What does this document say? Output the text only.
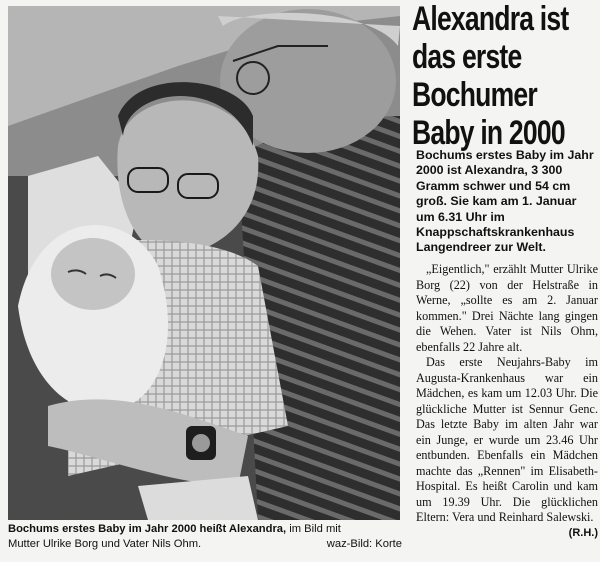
Bochums erstes Baby im Jahr 2000 heißt Alexandra, im Bild mit
Mutter Ulrike Borg und Vater Nils Ohm.	waz-Bild: Korte
Alexandra ist
das erste
Bochumer
Baby in 2000
Bochums erstes Baby im Jahr 2000 ist Alexandra, 3 300 Gramm schwer und 54 cm groß. Sie kam am 1. Januar um 6.31 Uhr im Knappschaftskrankenhaus Langendreer zur Welt.

„Eigentlich," erzählt Mutter Ulrike Borg (22) von der Helstraße in Werne, „sollte es am 2. Januar kommen." Drei Nächte lang gingen die Wehen. Vater ist Nils Ohm, ebenfalls 22 Jahre alt.

Das erste Neujahrs-Baby im Augusta-Krankenhaus war ein Mädchen, es kam um 12.03 Uhr. Die glückliche Mutter ist Sennur Genc. Das letzte Baby im alten Jahr war ein Junge, er wurde um 23.46 Uhr entbunden. Ebenfalls ein Mädchen machte das „Rennen" im Elisabeth-Hospital. Es heißt Carolin und kam um 19.39 Uhr. Die glücklichen Eltern: Vera und Reinhard Salewski.

(R.H.)
